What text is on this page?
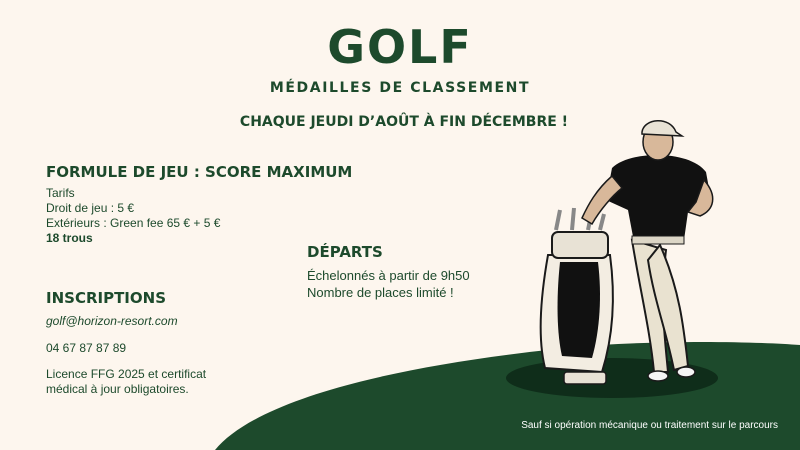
GOLF
MÉDAILLES DE CLASSEMENT
CHAQUE JEUDI D’AOÛT À FIN DÉCEMBRE !
FORMULE DE JEU : SCORE MAXIMUM
Tarifs
Droit de jeu : 5 €
Extérieurs : Green fee 65 € + 5 €
18 trous
DÉPARTS
Échelonnés à partir de 9h50
Nombre de places limité !
INSCRIPTIONS
golf@horizon-resort.com
04 67 87 87 89
Licence FFG 2025 et certificat
médical à jour obligatoires.
Sauf si opération mécanique ou traitement sur le parcours
